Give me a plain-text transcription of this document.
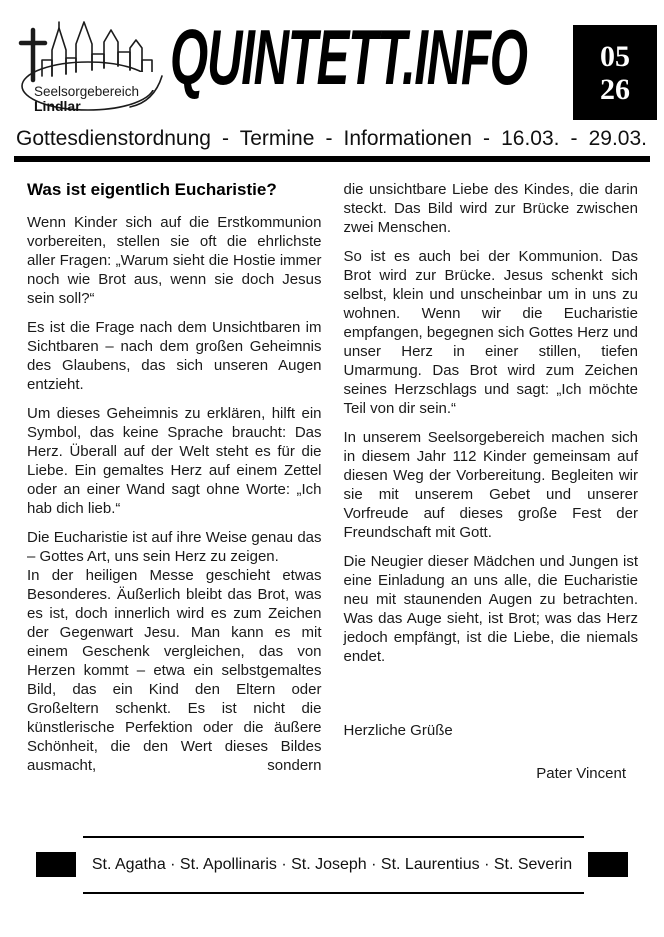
Seelsorgebereich
Lindlar
QUINTETT.INFO 05
26
Gottesdienstordnung - Termine - Informationen - 16.03. - 29.03.
Was ist eigentlich Eucharistie?

Wenn Kinder sich auf die Erstkommunion vorbereiten, stellen sie oft die ehrlichste aller Fragen: „Warum sieht die Hostie immer noch wie Brot aus, wenn sie doch Jesus sein soll?“

Es ist die Frage nach dem Unsichtbaren im Sichtbaren – nach dem großen Geheimnis des Glaubens, das sich unseren Augen entzieht.

Um dieses Geheimnis zu erklären, hilft ein Symbol, das keine Sprache braucht: Das Herz. Überall auf der Welt steht es für die Liebe. Ein gemaltes Herz auf einem Zettel oder an einer Wand sagt ohne Worte: „Ich hab dich lieb.“

Die Eucharistie ist auf ihre Weise genau das – Gottes Art, uns sein Herz zu zeigen.

In der heiligen Messe geschieht etwas Besonderes. Äußerlich bleibt das Brot, was es ist, doch innerlich wird es zum Zeichen der Gegenwart Jesu. Man kann es mit einem Geschenk vergleichen, das von Herzen kommt – etwa ein selbstgemaltes Bild, das ein Kind den Eltern oder Großeltern schenkt. Es ist nicht die künstlerische Perfektion oder die äußere Schönheit, die den Wert dieses Bildes ausmacht, sondern

die unsichtbare Liebe des Kindes, die darin steckt. Das Bild wird zur Brücke zwischen zwei Menschen.

So ist es auch bei der Kommunion. Das Brot wird zur Brücke. Jesus schenkt sich selbst, klein und unscheinbar um in uns zu wohnen. Wenn wir die Eucharistie empfangen, begegnen sich Gottes Herz und unser Herz in einer stillen, tiefen Umarmung. Das Brot wird zum Zeichen seines Herzschlags und sagt: „Ich möchte Teil von dir sein.“

In unserem Seelsorgebereich machen sich in diesem Jahr 112 Kinder gemeinsam auf diesen Weg der Vorbereitung. Begleiten wir sie mit unserem Gebet und unserer Vorfreude auf dieses große Fest der Freundschaft mit Gott.

Die Neugier dieser Mädchen und Jungen ist eine Einladung an uns alle, die Eucharistie neu mit staunenden Augen zu betrachten. Was das Auge sieht, ist Brot; was das Herz jedoch empfängt, ist die Liebe, die niemals endet.

Herzliche Grüße

Pater Vincent

St. Agatha · St. Apollinaris · St. Joseph · St. Laurentius · St. Severin
